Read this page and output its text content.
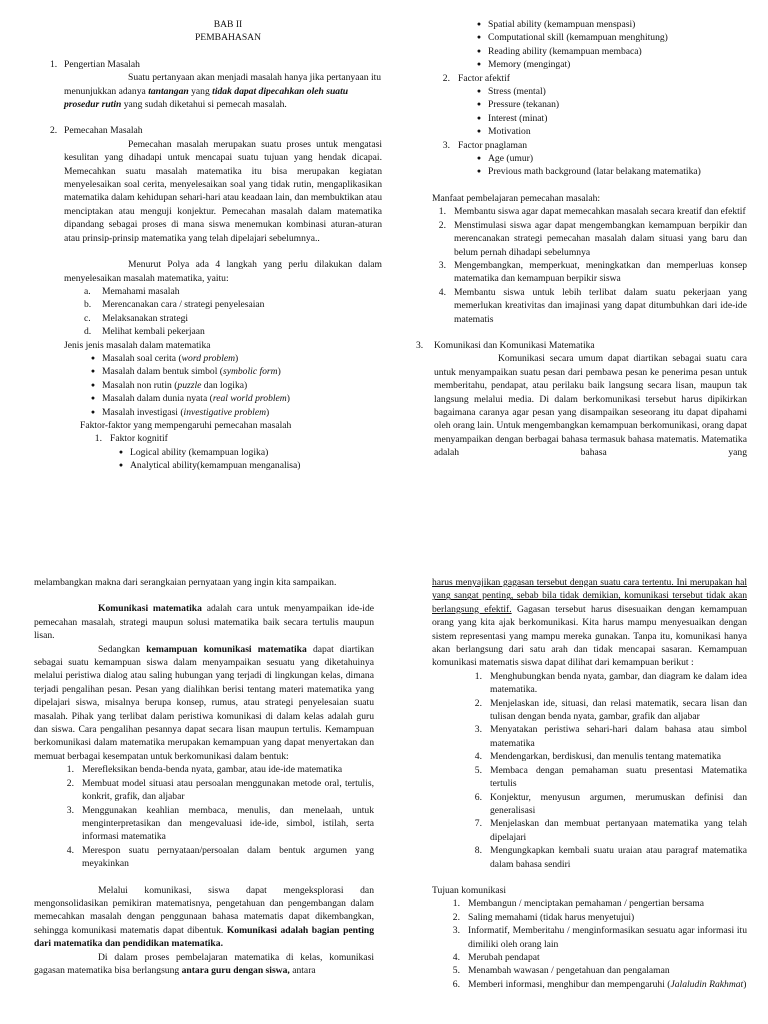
BAB II
PEMBAHASAN
1. Pengertian Masalah

Suatu pertanyaan akan menjadi masalah hanya jika pertanyaan itu

menunjukkan adanya tantangan yang tidak dapat dipecahkan oleh suatu prosedur rutin yang sudah diketahui si pemecah masalah.

2. Pemecahan Masalah

Pemecahan masalah merupakan suatu proses untuk mengatasi kesulitan yang dihadapi untuk mencapai suatu tujuan yang hendak dicapai. Memecahkan suatu masalah matematika itu bisa merupakan kegiatan menyelesaikan soal cerita, menyelesaikan soal yang tidak rutin, mengaplikasikan matematika dalam kehidupan sehari-hari atau keadaan lain, dan membuktikan atau menciptakan atau menguji konjektur. Pemecahan masalah dalam matematika dipandang sebagai proses di mana siswa menemukan kombinasi aturan-aturan atau prinsip-prinsip matematika yang telah dipelajari sebelumnya..

Menurut Polya ada 4 langkah yang perlu dilakukan dalam menyelesaikan masalah matematika, yaitu:

a.	Memahami masalah
b.	Merencanakan cara / strategi penyelesaian
c.	Melaksanakan strategi
d.	Melihat kembali pekerjaan
Jenis jenis masalah dalam matematika
● Masalah soal cerita (word problem)
● Masalah dalam bentuk simbol (symbolic form)
● Masalah non rutin (puzzle dan logika)
● Masalah dalam dunia nyata (real world problem)
● Masalah investigasi (investigative problem)
Faktor-faktor yang mempengaruhi pemecahan masalah
1. Faktor kognitif
● Logical ability (kemampuan logika)
● Analytical ability(kemampuan menganalisa)
● Spatial ability (kemampuan menspasi)
● Computational skill (kemampuan menghitung)
● Reading ability (kemampuan membaca)
● Memory (mengingat)
2. Factor afektif
● Stress (mental)
● Pressure (tekanan)
● Interest (minat)
● Motivation
3. Factor pnaglaman
● Age (umur)
● Previous math background (latar belakang matematika)
Manfaat pembelajaran pemecahan masalah:
1. Membantu siswa agar dapat memecahkan masalah secara kreatif dan efektif
2. Menstimulasi siswa agar dapat mengembangkan kemampuan berpikir dan merencanakan strategi pemecahan masalah dalam situasi yang baru dan belum pernah dihadapi sebelumnya
3. Mengembangkan, memperkuat, meningkatkan dan memperluas konsep matematika dan kemampuan berpikir siswa
4. Membantu siswa untuk lebih terlibat dalam suatu pekerjaan yang memerlukan kreativitas dan imajinasi yang dapat ditumbuhkan dari ide-ide matematis
3.	Komunikasi dan Komunikasi Matematika

Komunikasi secara umum dapat diartikan sebagai suatu cara untuk menyampaikan suatu pesan dari pembawa pesan ke penerima pesan untuk memberitahu, pendapat, atau perilaku baik langsung secara lisan, maupun tak langsung melalui media. Di dalam berkomunikasi tersebut harus dipikirkan bagaimana caranya agar pesan yang disampaikan seseorang itu dapat dipahami oleh orang lain. Untuk mengembangkan kemampuan berkomunikasi, orang dapat menyampaikan dengan berbagai bahasa termasuk bahasa matematis. Matematika adalah bahasa yang

melambangkan makna dari serangkaian pernyataan yang ingin kita sampaikan.

Komunikasi matematika adalah cara untuk menyampaikan ide-ide pemecahan masalah, strategi maupun solusi matematika baik secara tertulis maupun lisan.

Sedangkan kemampuan komunikasi matematika dapat diartikan sebagai suatu kemampuan siswa dalam menyampaikan sesuatu yang diketahuinya melalui peristiwa dialog atau saling hubungan yang terjadi di lingkungan kelas, dimana terjadi pengalihan pesan. Pesan yang dialihkan berisi tentang materi matematika yang dipelajari siswa, misalnya berupa konsep, rumus, atau strategi penyelesaian suatu masalah. Pihak yang terlibat dalam peristiwa komunikasi di dalam kelas adalah guru dan siswa. Cara pengalihan pesannya dapat secara lisan maupun tertulis. Kemampuan berkomunikasi dalam matematika merupakan kemampuan yang dapat menyertakan dan memuat berbagai kesempatan untuk berkomunikasi dalam bentuk:

1. Merefleksikan benda-benda nyata, gambar, atau ide-ide matematika
2. Membuat model situasi atau persoalan menggunakan metode oral, tertulis, konkrit, grafik, dan aljabar
3. Menggunakan keahlian membaca, menulis, dan menelaah, untuk menginterpretasikan dan mengevaluasi ide-ide, simbol, istilah, serta informasi matematika
4. Merespon suatu pernyataan/persoalan dalam bentuk argumen yang meyakinkan

Melalui komunikasi, siswa dapat mengeksplorasi dan mengonsolidasikan pemikiran matematisnya, pengetahuan dan pengembangan dalam memecahkan masalah dengan penggunaan bahasa matematis dapat dikembangkan, sehingga komunikasi matematis dapat dibentuk. Komunikasi adalah bagian penting dari matematika dan pendidikan matematika.

Di dalam proses pembelajaran matematika di kelas, komunikasi gagasan matematika bisa berlangsung antara guru dengan siswa, antara

harus menyajikan gagasan tersebut dengan suatu cara tertentu. Ini merupakan hal yang sangat penting, sebab bila tidak demikian, komunikasi tersebut tidak akan berlangsung efektif. Gagasan tersebut harus disesuaikan dengan kemampuan orang yang kita ajak berkomunikasi. Kita harus mampu menyesuaikan dengan sistem representasi yang mampu mereka gunakan. Tanpa itu, komunikasi hanya akan berlangsung dari satu arah dan tidak mencapai sasaran. Kemampuan komunikasi matematis siswa dapat dilihat dari kemampuan berikut :

1. Menghubungkan benda nyata, gambar, dan diagram ke dalam idea matematika.
2. Menjelaskan ide, situasi, dan relasi matematik, secara lisan dan tulisan dengan benda nyata, gambar, grafik dan aljabar
3. Menyatakan peristiwa sehari-hari dalam bahasa atau simbol matematika
4. Mendengarkan, berdiskusi, dan menulis tentang matematika
5. Membaca dengan pemahaman suatu presentasi Matematika tertulis
6. Konjektur, menyusun argumen, merumuskan definisi dan generalisasi
7. Menjelaskan dan membuat pertanyaan matematika yang telah dipelajari
8. Mengungkapkan kembali suatu uraian atau paragraf matematika dalam bahasa sendiri
Tujuan komunikasi
1. Membangun / menciptakan pemahaman / pengertian bersama
2. Saling memahami (tidak harus menyetujui)
3. Informatif, Memberitahu / menginformasikan sesuatu agar informasi itu dimiliki oleh orang lain
4. Merubah pendapat
5. Menambah wawasan / pengetahuan dan pengalaman
6. Memberi informasi, menghibur dan mempengaruhi (Jalaludin Rakhmat)
